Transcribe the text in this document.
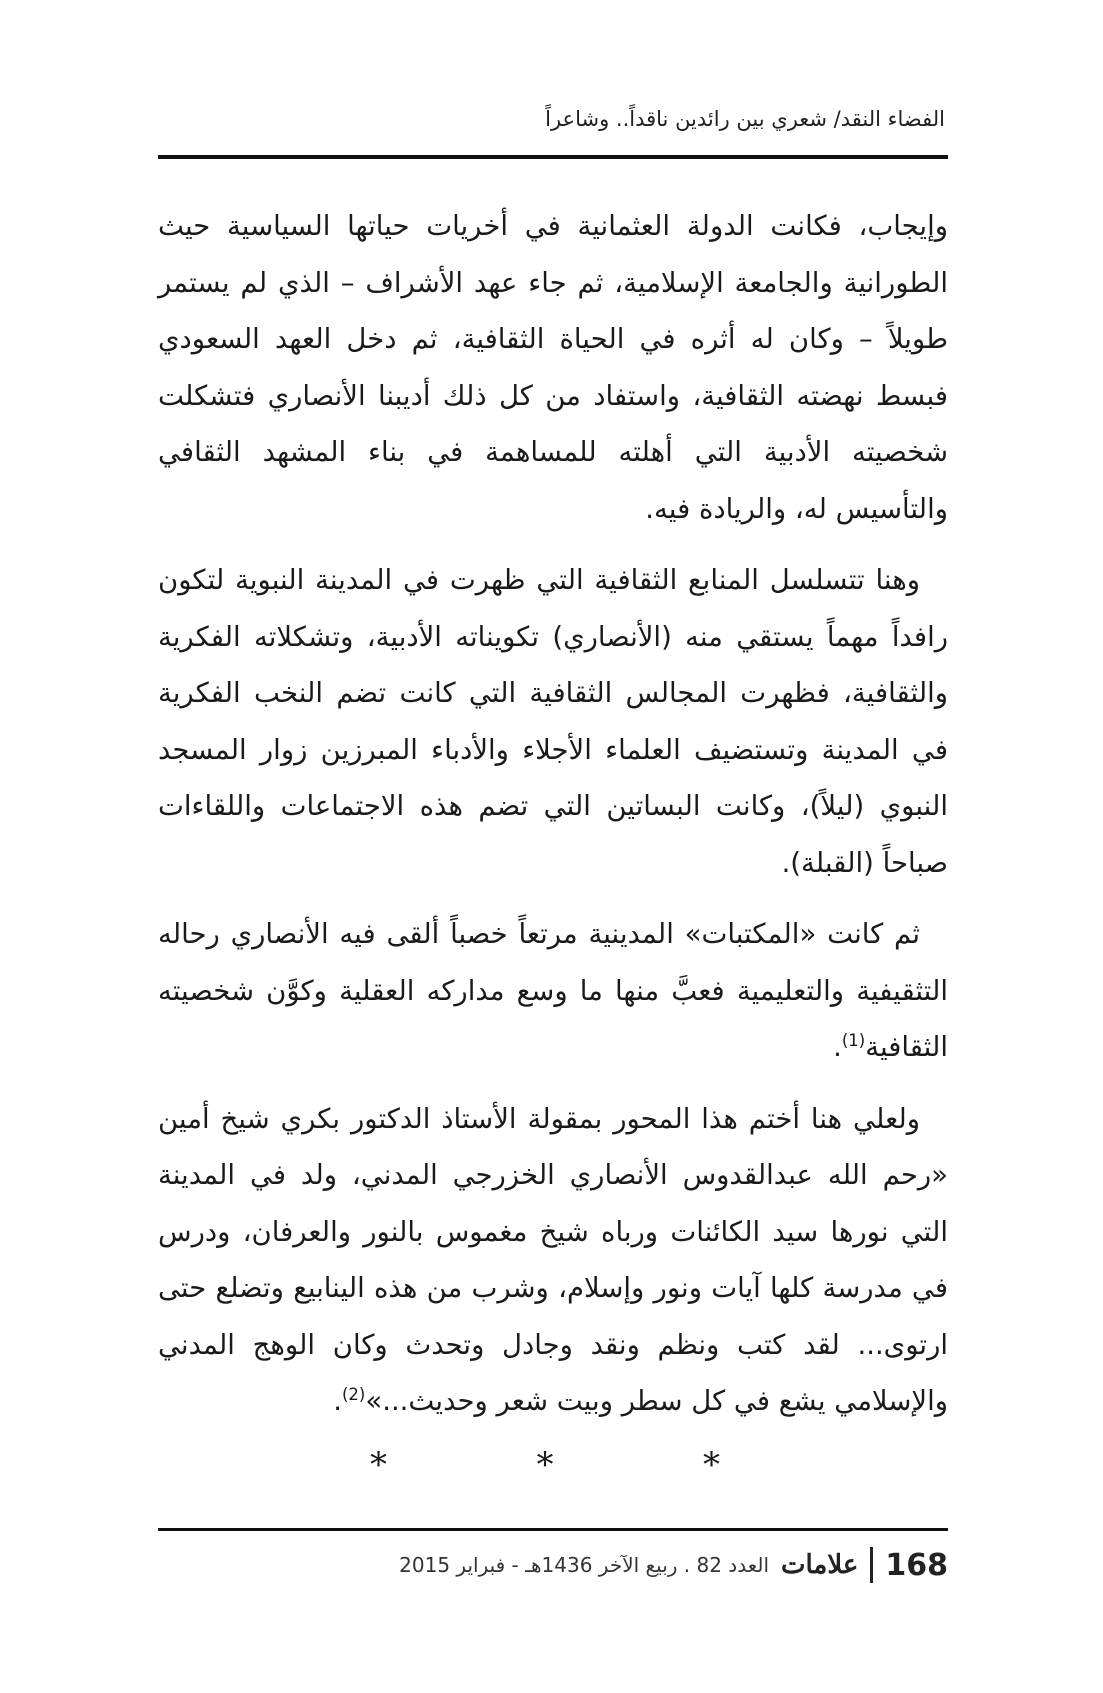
الفضاء النقد/ شعري بين رائدين ناقداً.. وشاعراً

وإيجاب، فكانت الدولة العثمانية في أخريات حياتها السياسية حيث الطورانية والجامعة الإسلامية، ثم جاء عهد الأشراف – الذي لم يستمر طويلاً – وكان له أثره في الحياة الثقافية، ثم دخل العهد السعودي فبسط نهضته الثقافية، واستفاد من كل ذلك أديبنا الأنصاري فتشكلت شخصيته الأدبية التي أهلته للمساهمة في بناء المشهد الثقافي والتأسيس له، والريادة فيه.

وهنا تتسلسل المنابع الثقافية التي ظهرت في المدينة النبوية لتكون رافداً مهماً يستقي منه (الأنصاري) تكويناته الأدبية، وتشكلاته الفكرية والثقافية، فظهرت المجالس الثقافية التي كانت تضم النخب الفكرية في المدينة وتستضيف العلماء الأجلاء والأدباء المبرزين زوار المسجد النبوي (ليلاً)، وكانت البساتين التي تضم هذه الاجتماعات واللقاءات صباحاً (القبلة).

ثم كانت «المكتبات» المدينية مرتعاً خصباً ألقى فيه الأنصاري رحاله التثقيفية والتعليمية فعبَّ منها ما وسع مداركه العقلية وكوَّن شخصيته الثقافية$^{(1)}$.

ولعلي هنا أختم هذا المحور بمقولة الأستاذ الدكتور بكري شيخ أمين «رحم الله عبدالقدوس الأنصاري الخزرجي المدني، ولد في المدينة التي نورها سيد الكائنات ورباه شيخ مغموس بالنور والعرفان، ودرس في مدرسة كلها آيات ونور وإسلام، وشرب من هذه الينابيع وتضلع حتى ارتوى... لقد كتب ونظم ونقد وجادل وتحدث وكان الوهج المدني والإسلامي يشع في كل سطر وبيت شعر وحديث...»$^{(2)}$.

*	*	*
168
علامات
العدد 82 . ربيع الآخر 1436هـ - فبراير 2015
